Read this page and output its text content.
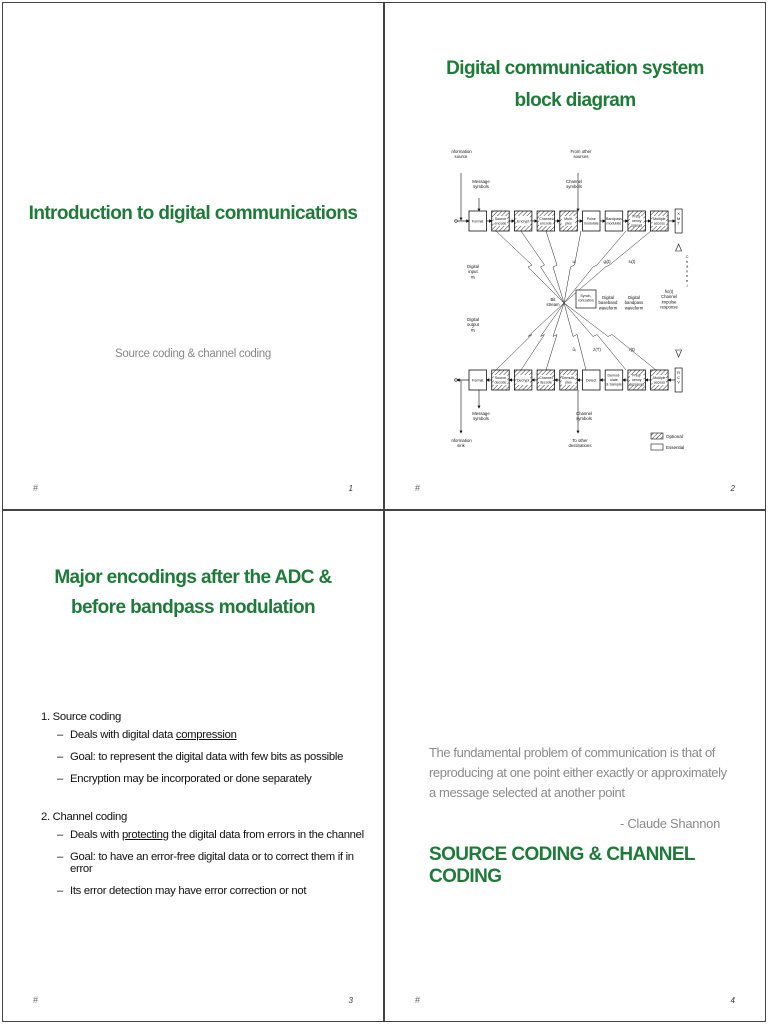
Introduction to digital communications
Source coding & channel coding
#	1
Digital communication system block diagram
X M T
R C V
C h a n n e l
Synch-ronization
Format
Source encode	Encrypt
Channel encode
Multi-plex
Pulse modulate
Bandpass modulate
Freq-uency spread
Multiple access
Format
Source decode	Decrypt
Channel decode
Demulti-plex	Detect
Demod-ulate & Sample
Freq-uency despread
Multiple access
Information source
Message symbols
From other sources
Channel symbols
Digital input mᵢ
Digital output m̂ᵢ
Bit stream
Digital baseband waveform
Digital bandpass waveform
hc(t) Channel impulse response
Message symbols
Channel symbols
Information sink
To other destinations
uᵢ
ûᵢ
gᵢ(t)	sᵢ(t)
z(T)	r(t)
Optional
Essential
#	2
Major encodings after the ADC & before bandpass modulation
1. Source coding
– Deals with digital data compression
– Goal: to represent the digital data with few bits as possible
– Encryption may be incorporated or done separately
2. Channel coding
– Deals with protecting the digital data from errors in the channel
– Goal: to have an error-free digital data or to correct them if in error
– Its error detection may have error correction or not
#	3
The fundamental problem of communication is that of reproducing at one point either exactly or approximately a message selected at another point
- Claude Shannon
SOURCE CODING & CHANNEL CODING
#	4
